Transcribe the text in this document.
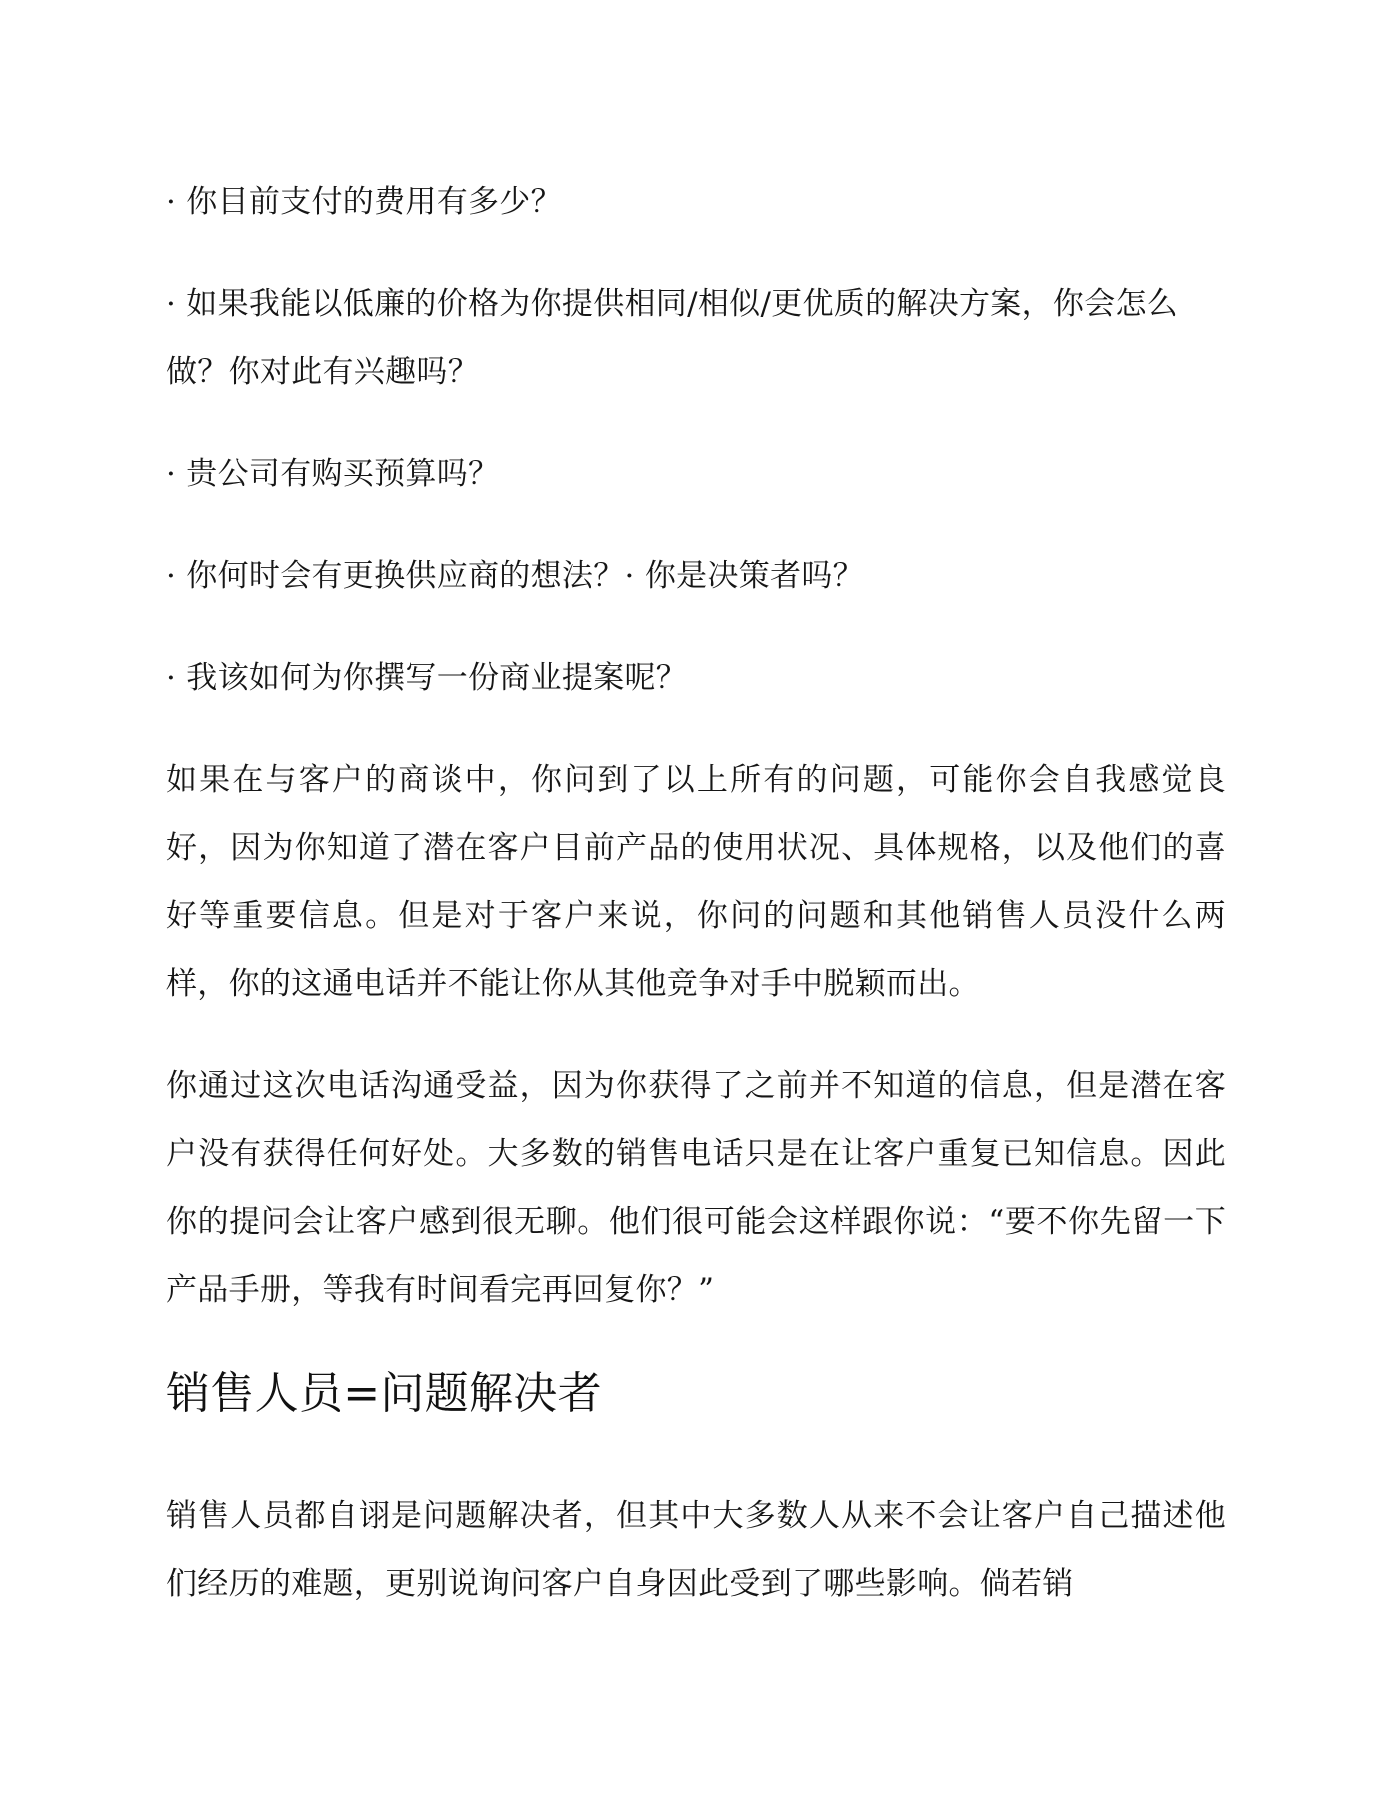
· 你目前支付的费用有多少？

· 如果我能以低廉的价格为你提供相同/相似/更优质的解决方案，你会怎么做？你对此有兴趣吗？

· 贵公司有购买预算吗？

· 你何时会有更换供应商的想法？· 你是决策者吗？

· 我该如何为你撰写一份商业提案呢？

如果在与客户的商谈中，你问到了以上所有的问题，可能你会自我感觉良好，因为你知道了潜在客户目前产品的使用状况、具体规格，以及他们的喜好等重要信息。但是对于客户来说，你问的问题和其他销售人员没什么两样，你的这通电话并不能让你从其他竞争对手中脱颖而出。

你通过这次电话沟通受益，因为你获得了之前并不知道的信息，但是潜在客户没有获得任何好处。大多数的销售电话只是在让客户重复已知信息。因此你的提问会让客户感到很无聊。他们很可能会这样跟你说：“要不你先留一下产品手册，等我有时间看完再回复你？”

销售人员=问题解决者

销售人员都自诩是问题解决者，但其中大多数人从来不会让客户自己描述他们经历的难题，更别说询问客户自身因此受到了哪些影响。倘若销
